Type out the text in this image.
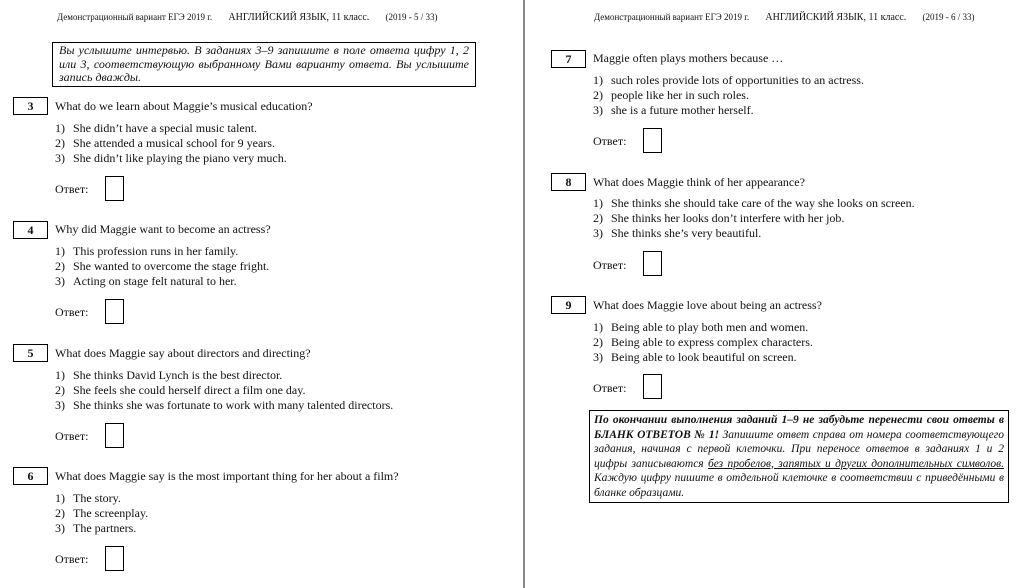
Демонстрационный вариант ЕГЭ 2019 г. АНГЛИЙСКИЙ ЯЗЫК, 11 класс. (2019 - 5 / 33)
Вы услышите интервью. В заданиях 3–9 запишите в поле ответа цифру 1, 2 или 3, соответствующую выбранному Вами варианту ответа. Вы услышите запись дважды.
3	What do we learn about Maggie’s musical education?
1) She didn’t have a special music talent.
2) She attended a musical school for 9 years.
3) She didn’t like playing the piano very much.
Ответ:
4	Why did Maggie want to become an actress?
1) This profession runs in her family.
2) She wanted to overcome the stage fright.
3) Acting on stage felt natural to her.
Ответ:
5	What does Maggie say about directors and directing?
1) She thinks David Lynch is the best director.
2) She feels she could herself direct a film one day.
3) She thinks she was fortunate to work with many talented directors.
Ответ:
6	What does Maggie say is the most important thing for her about a film?
1) The story.
2) The screenplay.
3) The partners.
Ответ:
Демонстрационный вариант ЕГЭ 2019 г. АНГЛИЙСКИЙ ЯЗЫК, 11 класс. (2019 - 6 / 33)
7	Maggie often plays mothers because …
1) such roles provide lots of opportunities to an actress.
2) people like her in such roles.
3) she is a future mother herself.
Ответ:
8	What does Maggie think of her appearance?
1) She thinks she should take care of the way she looks on screen.
2) She thinks her looks don’t interfere with her job.
3) She thinks she’s very beautiful.
Ответ:
9	What does Maggie love about being an actress?
1) Being able to play both men and women.
2) Being able to express complex characters.
3) Being able to look beautiful on screen.
Ответ:
По окончании выполнения заданий 1–9 не забудьте перенести свои ответы в БЛАНК ОТВЕТОВ № 1! Запишите ответ справа от номера соответствующего задания, начиная с первой клеточки. При переносе ответов в заданиях 1 и 2 цифры записываются без пробелов, запятых и других дополнительных символов. Каждую цифру пишите в отдельной клеточке в соответствии с приведёнными в бланке образцами.
